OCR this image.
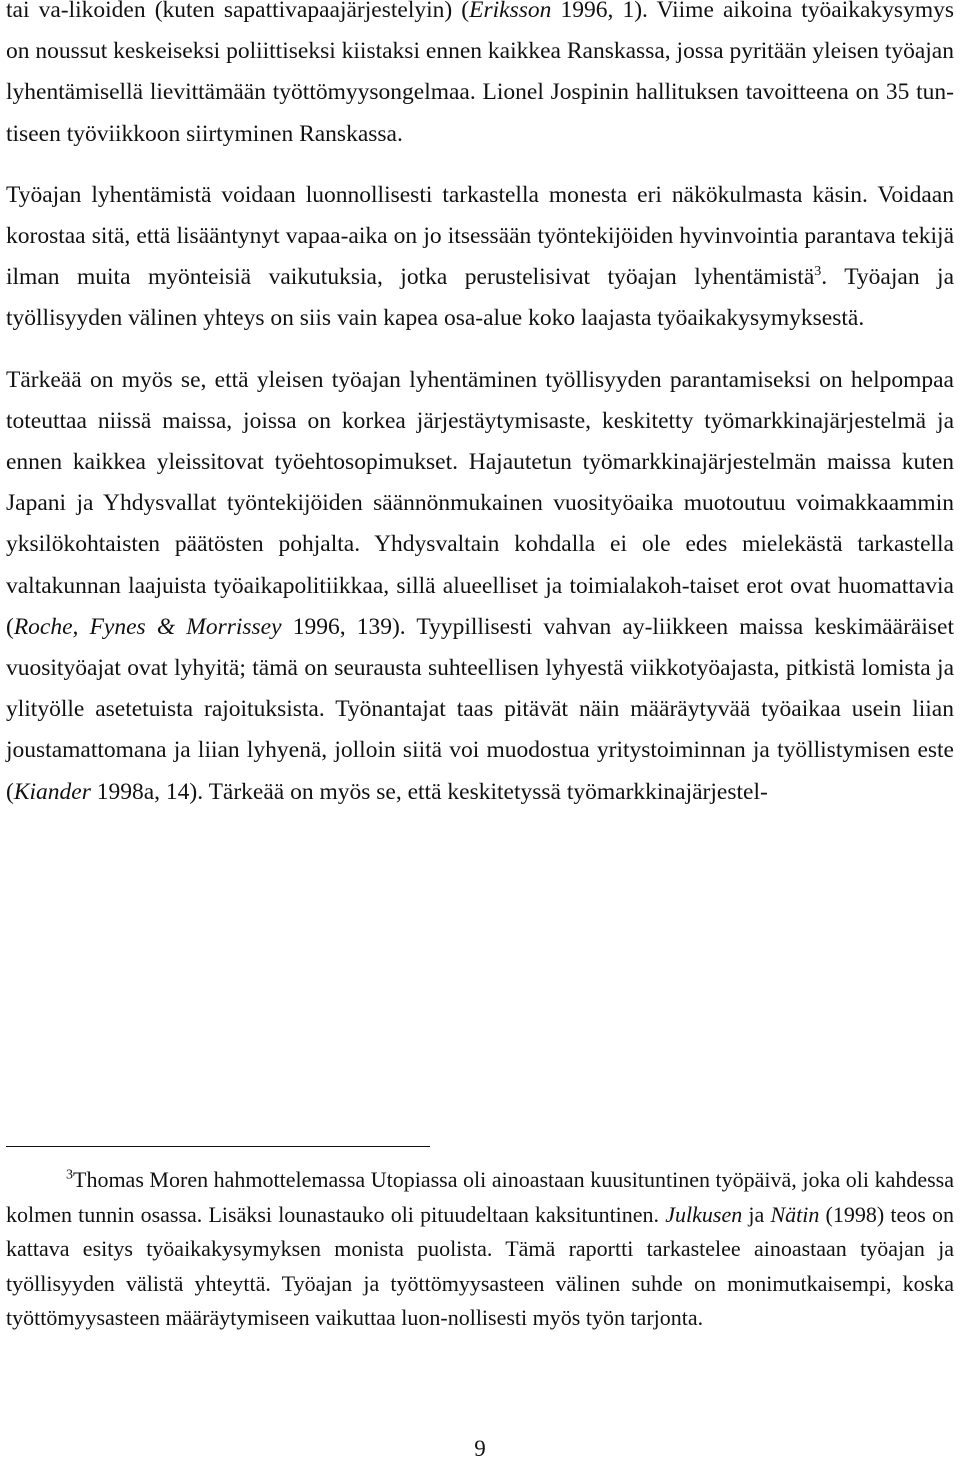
tai va-likoiden (kuten sapattivapaajärjestelyin) (Eriksson 1996, 1). Viime aikoina työaikakysymys on noussut keskeiseksi poliittiseksi kiistaksi ennen kaikkea Ranskassa, jossa pyritään yleisen työajan lyhentämisellä lievittämään työttömyysongelmaa. Lionel Jospinin hallituksen tavoitteena on 35 tun-tiseen työviikkoon siirtyminen Ranskassa.

Työajan lyhentämistä voidaan luonnollisesti tarkastella monesta eri näkökulmasta käsin. Voidaan korostaa sitä, että lisääntynyt vapaa-aika on jo itsessään työntekijöiden hyvinvointia parantava tekijä ilman muita myönteisiä vaikutuksia, jotka perustelisivat työajan lyhentämistä$^3$. Työajan ja työllisyyden välinen yhteys on siis vain kapea osa-alue koko laajasta työaikakysymyksestä.

Tärkeää on myös se, että yleisen työajan lyhentäminen työllisyyden parantamiseksi on helpompaa toteuttaa niissä maissa, joissa on korkea järjestäytymisaste, keskitetty työmarkkinajärjestelmä ja ennen kaikkea yleissitovat työehtosopimukset. Hajautetun työmarkkinajärjestelmän maissa kuten Japani ja Yhdysvallat työntekijöiden säännönmukainen vuosityöaika muotoutuu voimakkaammin yksilökohtaisten päätösten pohjalta. Yhdysvaltain kohdalla ei ole edes mielekästä tarkastella valtakunnan laajuista työaikapolitiikkaa, sillä alueelliset ja toimialakoh-taiset erot ovat huomattavia (Roche, Fynes & Morrissey 1996, 139). Tyypillisesti vahvan ay-liikkeen maissa keskimääräiset vuosityöajat ovat lyhyitä; tämä on seurausta suhteellisen lyhyestä viikkotyöajasta, pitkistä lomista ja ylityölle asetetuista rajoituksista. Työnantajat taas pitävät näin määräytyvää työaikaa usein liian joustamattomana ja liian lyhyenä, jolloin siitä voi muodostua yritystoiminnan ja työllistymisen este (Kiander 1998a, 14). Tärkeää on myös se, että keskitetyssä työmarkkinajärjestel-

$^3$Thomas Moren hahmottelemassa Utopiassa oli ainoastaan kuusituntinen työpäivä, joka oli kahdessa kolmen tunnin osassa. Lisäksi lounastauko oli pituudeltaan kaksituntinen. Julkusen ja Nätin (1998) teos on kattava esitys työaikakysymyksen monista puolista. Tämä raportti tarkastelee ainoastaan työajan ja työllisyyden välistä yhteyttä. Työajan ja työttömyysasteen välinen suhde on monimutkaisempi, koska työttömyysasteen määräytymiseen vaikuttaa luon-nollisesti myös työn tarjonta.

9
